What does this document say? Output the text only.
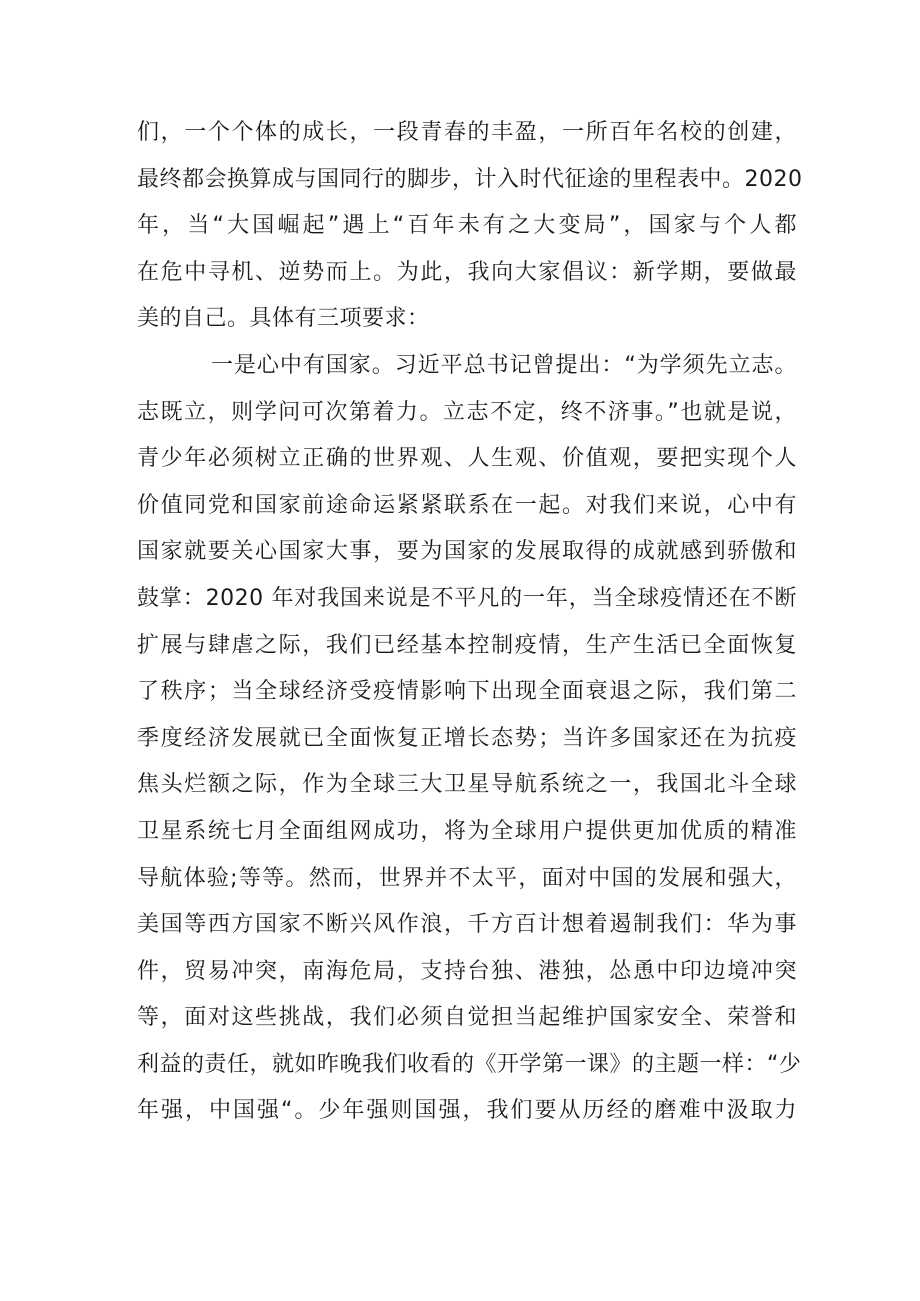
们，一个个体的成长，一段青春的丰盈，一所百年名校的创建，
最终都会换算成与国同行的脚步，计入时代征途的里程表中。2020
年，当“大国崛起”遇上“百年未有之大变局”，国家与个人都
在危中寻机、逆势而上。为此，我向大家倡议：新学期，要做最
美的自己。具体有三项要求：
一是心中有国家。习近平总书记曾提出：“为学须先立志。
志既立，则学问可次第着力。立志不定，终不济事。”也就是说，
青少年必须树立正确的世界观、人生观、价值观，要把实现个人
价值同党和国家前途命运紧紧联系在一起。对我们来说，心中有
国家就要关心国家大事，要为国家的发展取得的成就感到骄傲和
鼓掌：2020 年对我国来说是不平凡的一年，当全球疫情还在不断
扩展与肆虐之际，我们已经基本控制疫情，生产生活已全面恢复
了秩序；当全球经济受疫情影响下出现全面衰退之际，我们第二
季度经济发展就已全面恢复正增长态势；当许多国家还在为抗疫
焦头烂额之际，作为全球三大卫星导航系统之一，我国北斗全球
卫星系统七月全面组网成功，将为全球用户提供更加优质的精准
导航体验;等等。然而，世界并不太平，面对中国的发展和强大，
美国等西方国家不断兴风作浪，千方百计想着遏制我们：华为事
件，贸易冲突，南海危局，支持台独、港独，怂恿中印边境冲突
等，面对这些挑战，我们必须自觉担当起维护国家安全、荣誉和
利益的责任，就如昨晚我们收看的《开学第一课》的主题一样：“少
年强，中国强“。少年强则国强，我们要从历经的磨难中汲取力
